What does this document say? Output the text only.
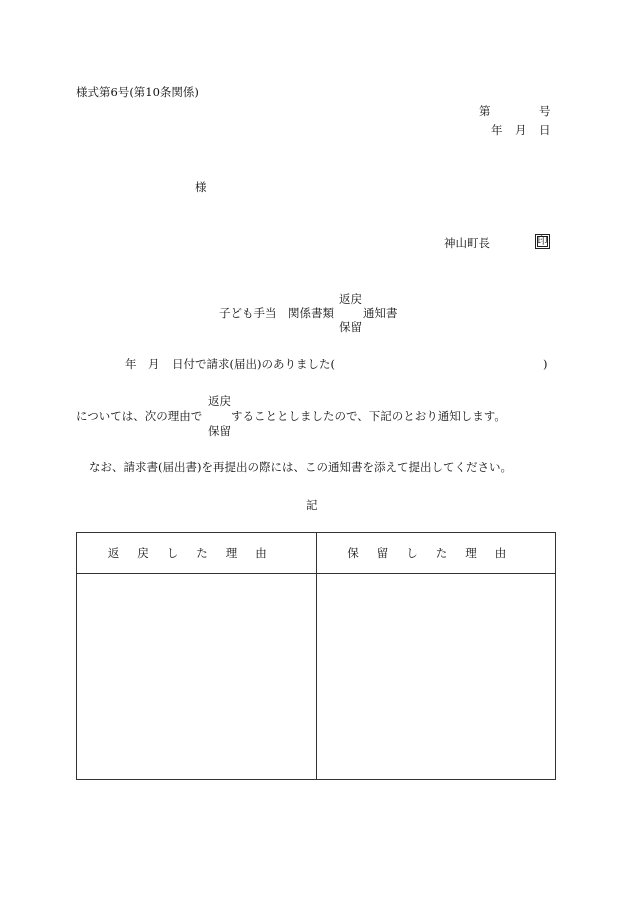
様式第6号(第10条関係)
第	号
年 月 日
様
神山町長	印
返戻
子ども手当　関係書類	通知書
保留
年 月 日付で請求(届出)のありました(	)
返戻
については、次の理由で することとしましたので、下記のとおり通知します。
保留
なお、請求書(届出書)を再提出の際には、この通知書を添えて提出してください。
記
返戻した理由	保留した理由
